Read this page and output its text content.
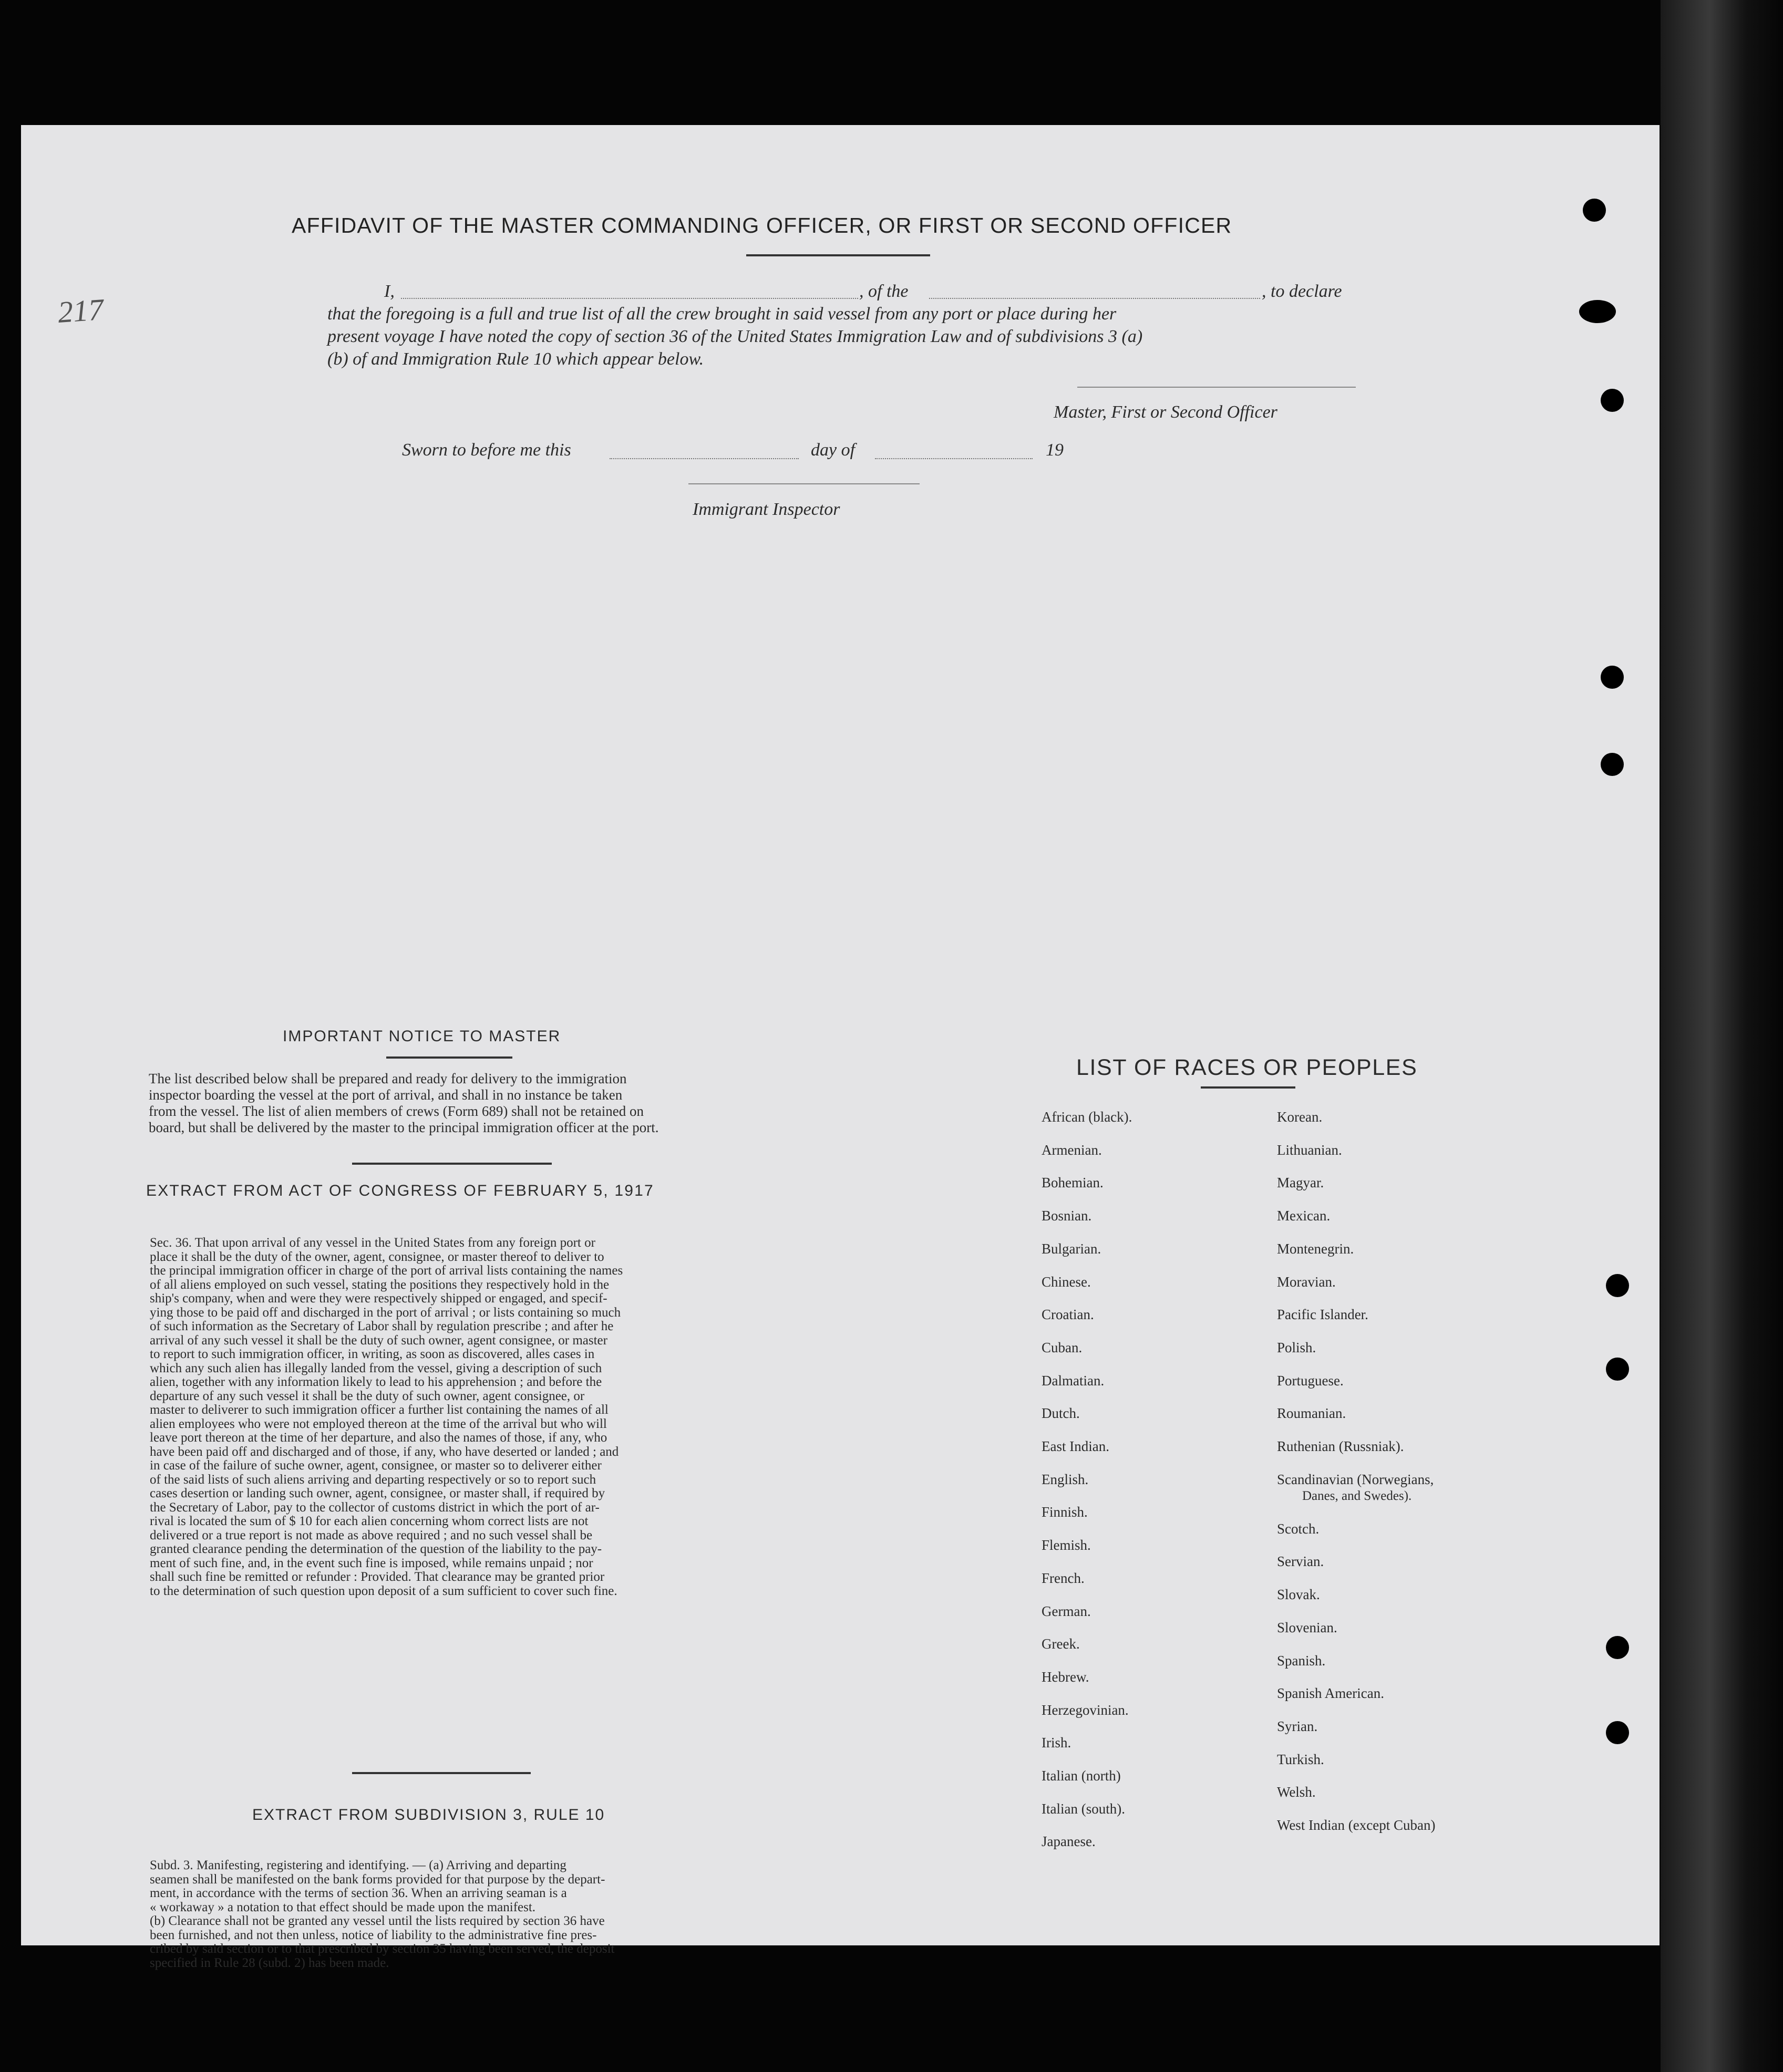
217
AFFIDAVIT OF THE MASTER COMMANDING OFFICER, OR FIRST OR SECOND OFFICER
I,	, of the	, to declare
that the foregoing is a full and true list of all the crew brought in said vessel from any port or place during her
present voyage I have noted the copy of section 36 of the United States Immigration Law and of subdivisions 3 (a)
(b) of and Immigration Rule 10 which appear below.
Master, First or Second Officer
Sworn to before me this	day of	19
Immigrant Inspector
IMPORTANT NOTICE TO MASTER
The list described below shall be prepared and ready for delivery to the immigration
inspector boarding the vessel at the port of arrival, and shall in no instance be taken
from the vessel. The list of alien members of crews (Form 689) shall not be retained on
board, but shall be delivered by the master to the principal immigration officer at the port.
EXTRACT FROM ACT OF CONGRESS OF FEBRUARY 5, 1917
Sec. 36. That upon arrival of any vessel in the United States from any foreign port or
place it shall be the duty of the owner, agent, consignee, or master thereof to deliver to
the principal immigration officer in charge of the port of arrival lists containing the names
of all aliens employed on such vessel, stating the positions they respectively hold in the
ship's company, when and were they were respectively shipped or engaged, and specif-
ying those to be paid off and discharged in the port of arrival ; or lists containing so much
of such information as the Secretary of Labor shall by regulation prescribe ; and after he
arrival of any such vessel it shall be the duty of such owner, agent consignee, or master
to report to such immigration officer, in writing, as soon as discovered, alles cases in
which any such alien has illegally landed from the vessel, giving a description of such
alien, together with any information likely to lead to his apprehension ; and before the
departure of any such vessel it shall be the duty of such owner, agent consignee, or
master to deliverer to such immigration officer a further list containing the names of all
alien employees who were not employed thereon at the time of the arrival but who will
leave port thereon at the time of her departure, and also the names of those, if any, who
have been paid off and discharged and of those, if any, who have deserted or landed ; and
in case of the failure of suche owner, agent, consignee, or master so to deliverer either
of the said lists of such aliens arriving and departing respectively or so to report such
cases desertion or landing such owner, agent, consignee, or master shall, if required by
the Secretary of Labor, pay to the collector of customs district in which the port of ar-
rival is located the sum of $ 10 for each alien concerning whom correct lists are not
delivered or a true report is not made as above required ; and no such vessel shall be
granted clearance pending the determination of the question of the liability to the pay-
ment of such fine, and, in the event such fine is imposed, while remains unpaid ; nor
shall such fine be remitted or refunder : Provided. That clearance may be granted prior
to the determination of such question upon deposit of a sum sufficient to cover such fine.
EXTRACT FROM SUBDIVISION 3, RULE 10
Subd. 3. Manifesting, registering and identifying. — (a) Arriving and departing
seamen shall be manifested on the bank forms provided for that purpose by the depart-
ment, in accordance with the terms of section 36. When an arriving seaman is a
« workaway » a notation to that effect should be made upon the manifest.
(b) Clearance shall not be granted any vessel until the lists required by section 36 have
been furnished, and not then unless, notice of liability to the administrative fine pres-
cribed by said section or to that prescribed by section 35 having been served, the deposit
specified in Rule 28 (subd. 2) has been made.
LIST OF RACES OR PEOPLES
African (black).
Armenian.
Bohemian.
Bosnian.
Bulgarian.
Chinese.
Croatian.
Cuban.
Dalmatian.
Dutch.
East Indian.
English.
Finnish.
Flemish.
French.
German.
Greek.
Hebrew.
Herzegovinian.
Irish.
Italian (north)
Italian (south).
Japanese.
Korean.
Lithuanian.
Magyar.
Mexican.
Montenegrin.
Moravian.
Pacific Islander.
Polish.
Portuguese.
Roumanian.
Ruthenian (Russniak).
Scandinavian (Norwegians,
Danes, and Swedes).
Scotch.
Servian.
Slovak.
Slovenian.
Spanish.
Spanish American.
Syrian.
Turkish.
Welsh.
West Indian (except Cuban)
